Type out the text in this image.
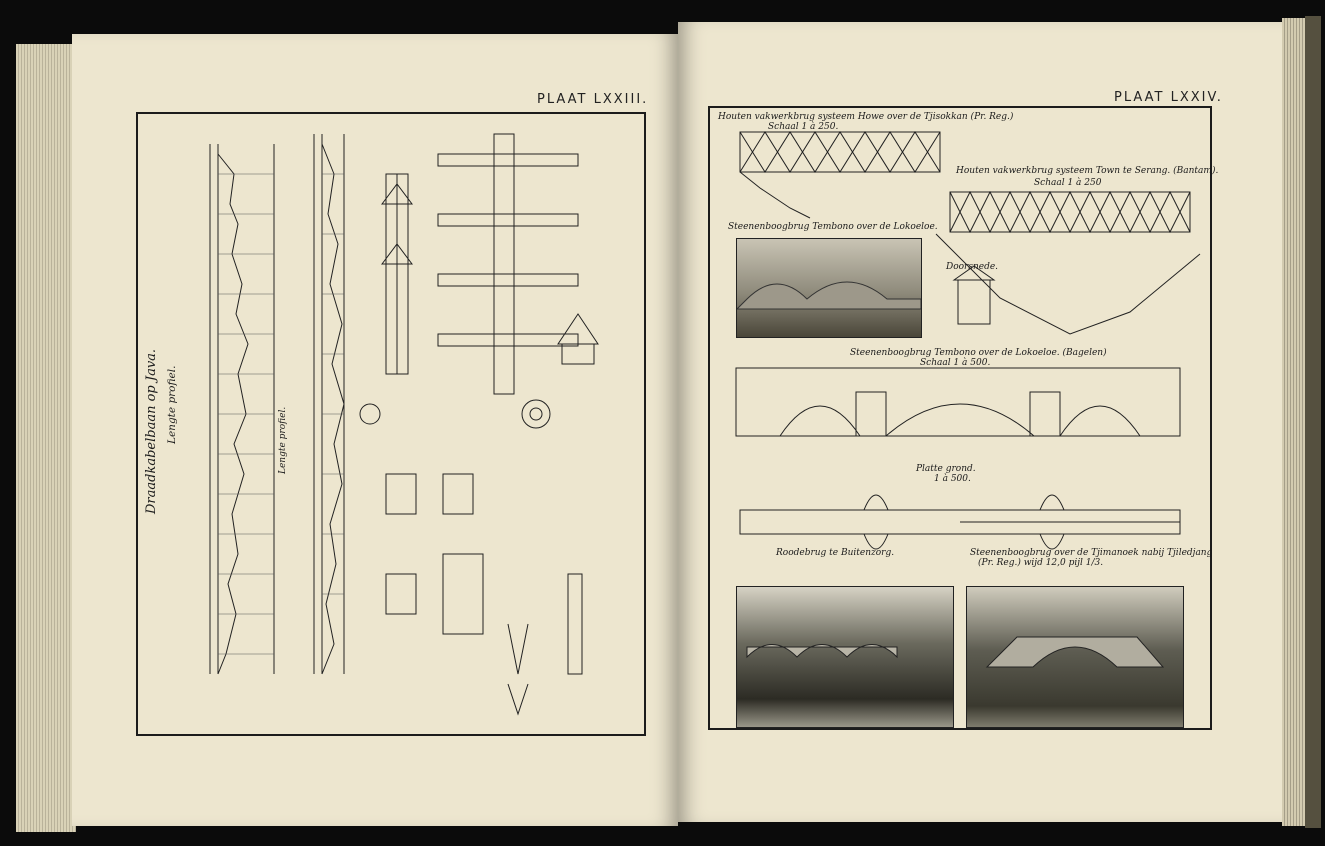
PLAAT LXXIII.
Draadkabelbaan op Java. Lengte profiel.	Lengte profiel.
PLAAT LXXIV.
Houten vakwerkbrug systeem Howe over de Tjisokkan (Pr. Reg.)
Schaal 1 à 250.
Houten vakwerkbrug systeem Town te Serang. (Bantam).
Schaal 1 à 250
Steenenboogbrug Tembono over de Lokoeloe.
Doorsnede.
Steenenboogbrug Tembono over de Lokoeloe. (Bagelen)
Schaal 1 à 500.
Platte grond.
1 à 500.
Roodebrug te Buitenzorg.	Steenenboogbrug over de Tjimanoek nabij Tjiledjang
(Pr. Reg.) wijd 12,0 pijl 1/3.
